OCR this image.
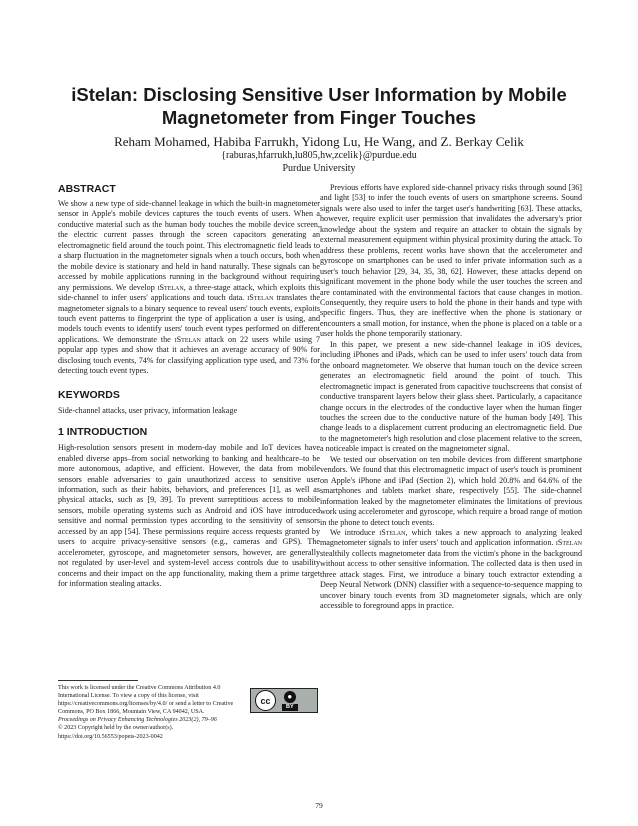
iStelan: Disclosing Sensitive User Information by Mobile
Magnetometer from Finger Touches
Reham Mohamed, Habiba Farrukh, Yidong Lu, He Wang, and Z. Berkay Celik
{raburas,hfarrukh,lu805,hw,zcelik}@purdue.edu
Purdue University
ABSTRACT

We show a new type of side-channel leakage in which the built-in magnetometer sensor in Apple's mobile devices captures the touch events of users. When a conductive material such as the human body touches the mobile device screen, the electric current passes through the screen capacitors generating an electromagnetic field around the touch point. This electromagnetic field leads to a sharp fluctuation in the magnetometer signals when a touch occurs, both when the mobile device is stationary and held in hand naturally. These signals can be accessed by mobile applications running in the background without requiring any permissions. We develop iStelan, a three-stage attack, which exploits this side-channel to infer users' applications and touch data. iStelan translates the magnetometer signals to a binary sequence to reveal users' touch events, exploits touch event patterns to fingerprint the type of application a user is using, and models touch events to identify users' touch event types performed on different applications. We demonstrate the iStelan attack on 22 users while using 7 popular app types and show that it achieves an average accuracy of 90% for disclosing touch events, 74% for classifying application type used, and 73% for detecting touch event types.

KEYWORDS

Side-channel attacks, user privacy, information leakage

1 INTRODUCTION

High-resolution sensors present in modern-day mobile and IoT devices have enabled diverse apps–from social networking to banking and healthcare–to be more autonomous, adaptive, and efficient. However, the data from mobile sensors enable adversaries to gain unauthorized access to sensitive user information, such as their habits, behaviors, and preferences [1], as well as physical attacks, such as [9, 39]. To prevent surreptitious access to mobile sensors, mobile operating systems such as Android and iOS have introduced sensitive and normal permission types according to the sensitivity of sensors accessed by an app [54]. These permissions require access requests granted by users to acquire privacy-sensitive sensors (e.g., cameras and GPS). The accelerometer, gyroscope, and magnetometer sensors, however, are generally not regulated by user-level and system-level access controls due to usability concerns and their impact on the app functionality, making them a prime target for information stealing attacks.

This work is licensed under the Creative Commons Attribution 4.0 International License. To view a copy of this license, visit https://creativecommons.org/licenses/by/4.0/ or send a letter to Creative Commons, PO Box 1866, Mountain View, CA 94042, USA.

Proceedings on Privacy Enhancing Technologies 2023(2), 79–96

© 2023 Copyright held by the owner/author(s).

https://doi.org/10.56553/popets-2023-0042

cc	●
BY

Previous efforts have explored side-channel privacy risks through sound [36] and light [53] to infer the touch events of users on smartphone screens. Sound signals were also used to infer the target user's handwriting [63]. These attacks, however, require explicit user permission that invalidates the adversary's prior knowledge about the system and require an attacker to obtain the signals by external measurement equipment within physical proximity during the attack. To address these problems, recent works have shown that the accelerometer and gyroscope on smartphones can be used to infer private information such as a user's touch behavior [29, 34, 35, 38, 62]. However, these attacks depend on significant movement in the phone body while the user touches the screen and are contaminated with the environmental factors that cause changes in motion. Consequently, they require users to hold the phone in their hands and type with specific fingers. Thus, they are ineffective when the phone is stationary or encounters a small motion, for instance, when the phone is placed on a table or a user holds the phone temporarily stationary.

In this paper, we present a new side-channel leakage in iOS devices, including iPhones and iPads, which can be used to infer users' touch data from the onboard magnetometer. We observe that human touch on the device screen generates an electromagnetic field around the point of touch. This electromagnetic impact is generated from capacitive touchscreens that consist of conductive transparent layers below their glass sheet. Particularly, a capacitance change occurs in the electrodes of the conductive layer when the human finger touches the screen due to the conductive nature of the human body [49]. This change leads to a displacement current producing an electromagnetic field. Due to the magnetometer's high resolution and close placement relative to the screen, a noticeable impact is created on the magnetometer signal.

We tested our observation on ten mobile devices from different smartphone vendors. We found that this electromagnetic impact of user's touch is prominent on Apple's iPhone and iPad (Section 2), which hold 20.8% and 64.6% of the smartphones and tablets market share, respectively [55]. The side-channel information leaked by the magnetometer eliminates the limitations of previous work using accelerometer and gyroscope, which require a broad range of motion in the phone to detect touch events.

We introduce iStelan, which takes a new approach to analyzing leaked magnetometer signals to infer users' touch and application information. iStelan stealthily collects magnetometer data from the victim's phone in the background without access to other sensitive information. The collected data is then used in three attack stages. First, we introduce a binary touch extractor extending a Deep Neural Network (DNN) classifier with a sequence-to-sequence mapping to uncover binary touch events from 3D magnetometer signals, which are only accessible to foreground apps in practice.

79
